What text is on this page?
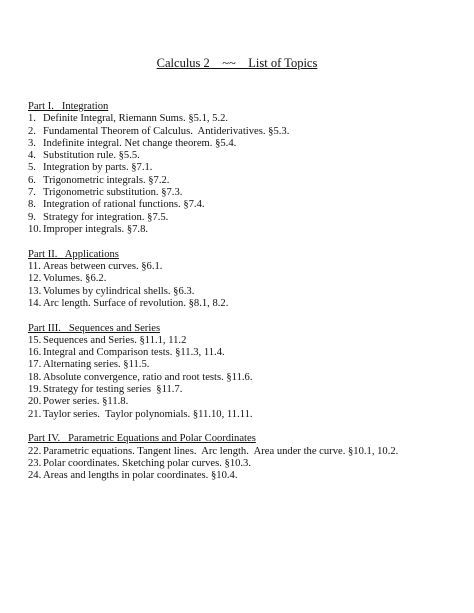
Calculus 2    ~~    List of Topics
Part I.   Integration
1. Definite Integral, Riemann Sums. §5.1, 5.2.
2. Fundamental Theorem of Calculus.  Antiderivatives. §5.3.
3. Indefinite integral. Net change theorem. §5.4.
4. Substitution rule. §5.5.
5. Integration by parts. §7.1.
6. Trigonometric integrals. §7.2.
7. Trigonometric substitution. §7.3.
8. Integration of rational functions. §7.4.
9. Strategy for integration. §7.5.
10. Improper integrals. §7.8.
Part II.   Applications
11. Areas between curves. §6.1.
12. Volumes. §6.2.
13. Volumes by cylindrical shells. §6.3.
14. Arc length. Surface of revolution. §8.1, 8.2.
Part III.   Sequences and Series
15. Sequences and Series. §11.1, 11.2
16. Integral and Comparison tests. §11.3, 11.4.
17. Alternating series. §11.5.
18. Absolute convergence, ratio and root tests. §11.6.
19. Strategy for testing series  §11.7.
20. Power series. §11.8.
21. Taylor series.  Taylor polynomials. §11.10, 11.11.
Part IV.   Parametric Equations and Polar Coordinates
22. Parametric equations. Tangent lines.  Arc length.  Area under the curve. §10.1, 10.2.
23. Polar coordinates. Sketching polar curves. §10.3.
24. Areas and lengths in polar coordinates. §10.4.
